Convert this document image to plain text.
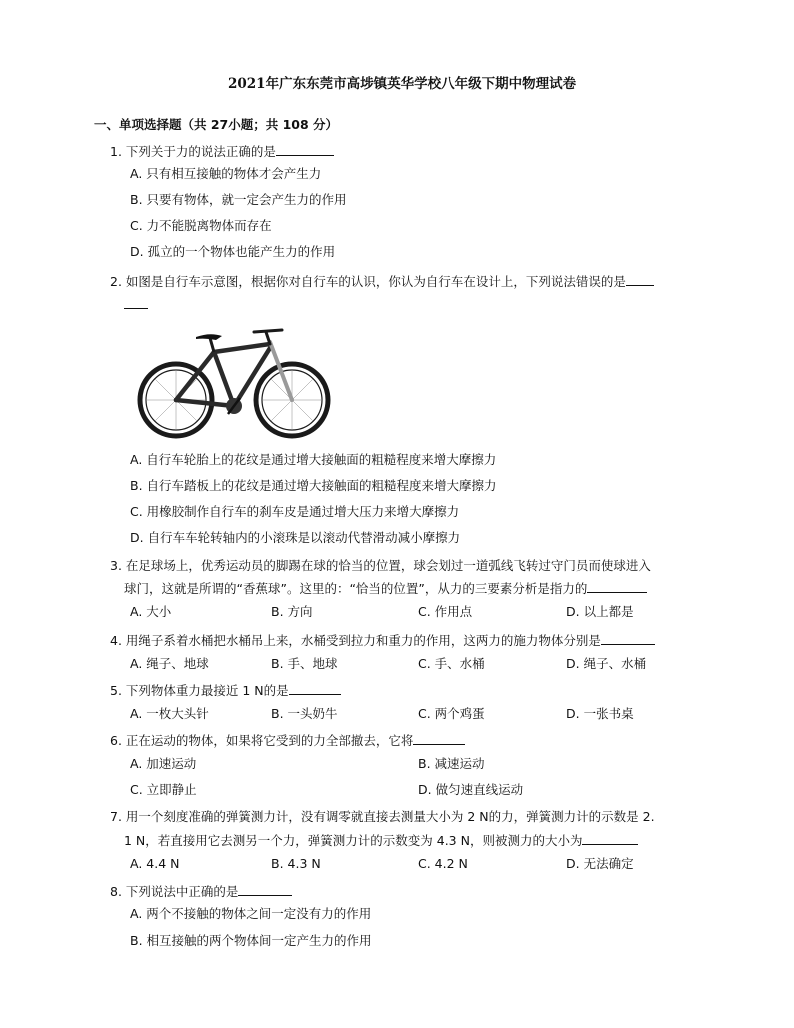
2021年广东东莞市高埗镇英华学校八年级下期中物理试卷
一、单项选择题（共 27小题；共 108 分）
1. 下列关于力的说法正确的是
A. 只有相互接触的物体才会产生力
B. 只要有物体，就一定会产生力的作用
C. 力不能脱离物体而存在
D. 孤立的一个物体也能产生力的作用
2. 如图是自行车示意图，根据你对自行车的认识，你认为自行车在设计上，下列说法错误的是
A. 自行车轮胎上的花纹是通过增大接触面的粗糙程度来增大摩擦力
B. 自行车踏板上的花纹是通过增大接触面的粗糙程度来增大摩擦力
C. 用橡胶制作自行车的刹车皮是通过增大压力来增大摩擦力
D. 自行车车轮转轴内的小滚珠是以滚动代替滑动减小摩擦力
3. 在足球场上，优秀运动员的脚踢在球的恰当的位置，球会划过一道弧线飞转过守门员而使球进入
球门，这就是所谓的“香蕉球”。这里的：“恰当的位置”，从力的三要素分析是指力的
A. 大小	B. 方向	C. 作用点	D. 以上都是
4. 用绳子系着水桶把水桶吊上来，水桶受到拉力和重力的作用，这两力的施力物体分别是
A. 绳子、地球	B. 手、地球	C. 手、水桶	D. 绳子、水桶
5. 下列物体重力最接近 1 N的是
A. 一枚大头针	B. 一头奶牛	C. 两个鸡蛋	D. 一张书桌
6. 正在运动的物体，如果将它受到的力全部撤去，它将
A. 加速运动	B. 减速运动
C. 立即静止	D. 做匀速直线运动
7. 用一个刻度准确的弹簧测力计，没有调零就直接去测量大小为 2 N的力，弹簧测力计的示数是 2.
1 N，若直接用它去测另一个力，弹簧测力计的示数变为 4.3 N，则被测力的大小为
A. 4.4 N	B. 4.3 N	C. 4.2 N	D. 无法确定
8. 下列说法中正确的是
A. 两个不接触的物体之间一定没有力的作用
B. 相互接触的两个物体间一定产生力的作用
